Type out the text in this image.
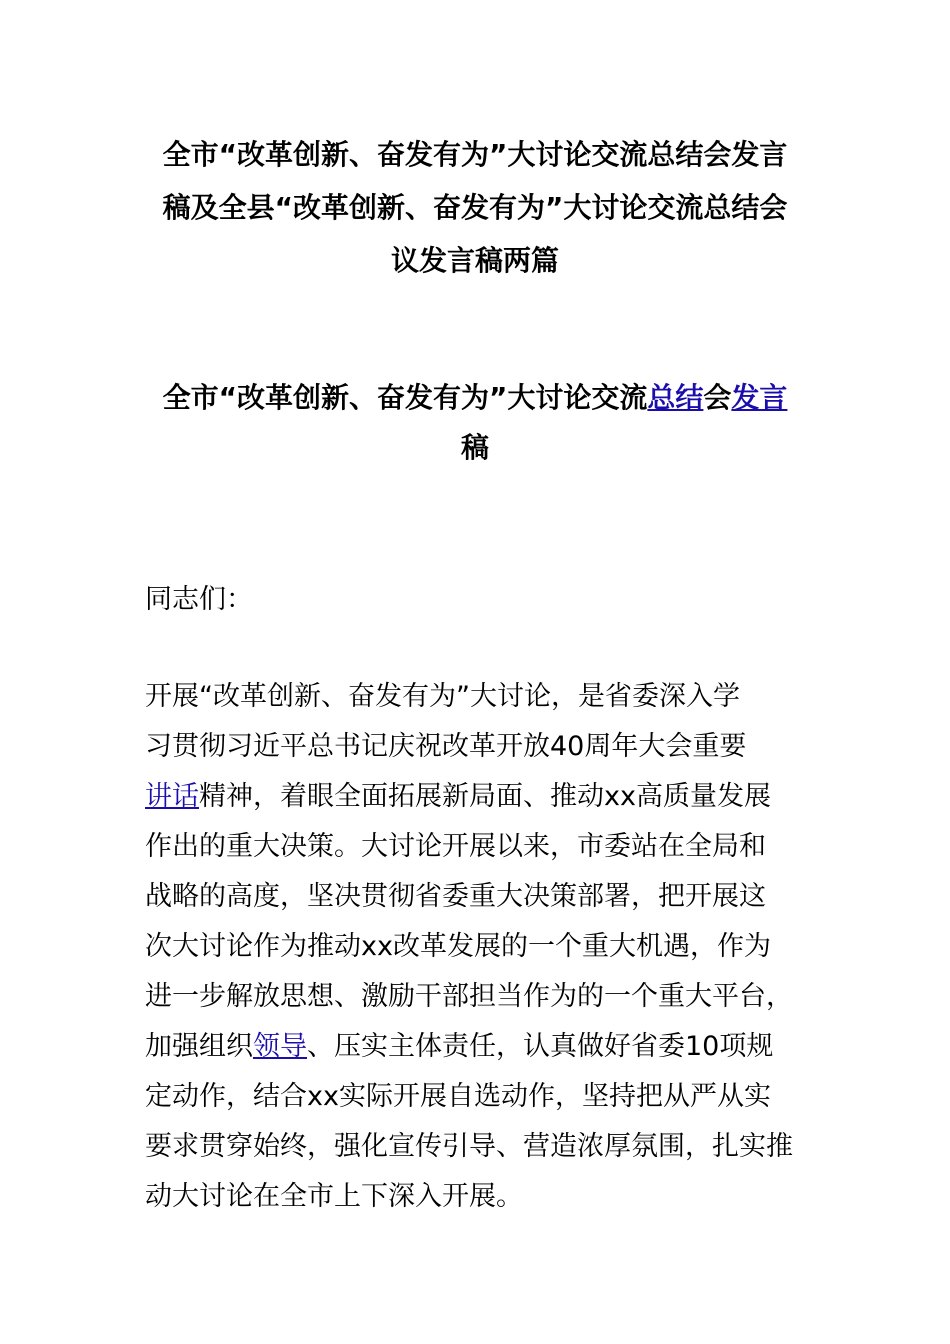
全市“改革创新、奋发有为”大讨论交流总结会发言
稿及全县“改革创新、奋发有为”大讨论交流总结会
议发言稿两篇
全市“改革创新、奋发有为”大讨论交流总结会发言
稿

同志们：

开展“改革创新、奋发有为”大讨论，是省委深入学
习贯彻习近平总书记庆祝改革开放40周年大会重要
讲话精神，着眼全面拓展新局面、推动xx高质量发展
作出的重大决策。大讨论开展以来，市委站在全局和
战略的高度，坚决贯彻省委重大决策部署，把开展这
次大讨论作为推动xx改革发展的一个重大机遇，作为
进一步解放思想、激励干部担当作为的一个重大平台，
加强组织领导、压实主体责任，认真做好省委10项规
定动作，结合xx实际开展自选动作，坚持把从严从实
要求贯穿始终，强化宣传引导、营造浓厚氛围，扎实推
动大讨论在全市上下深入开展。
